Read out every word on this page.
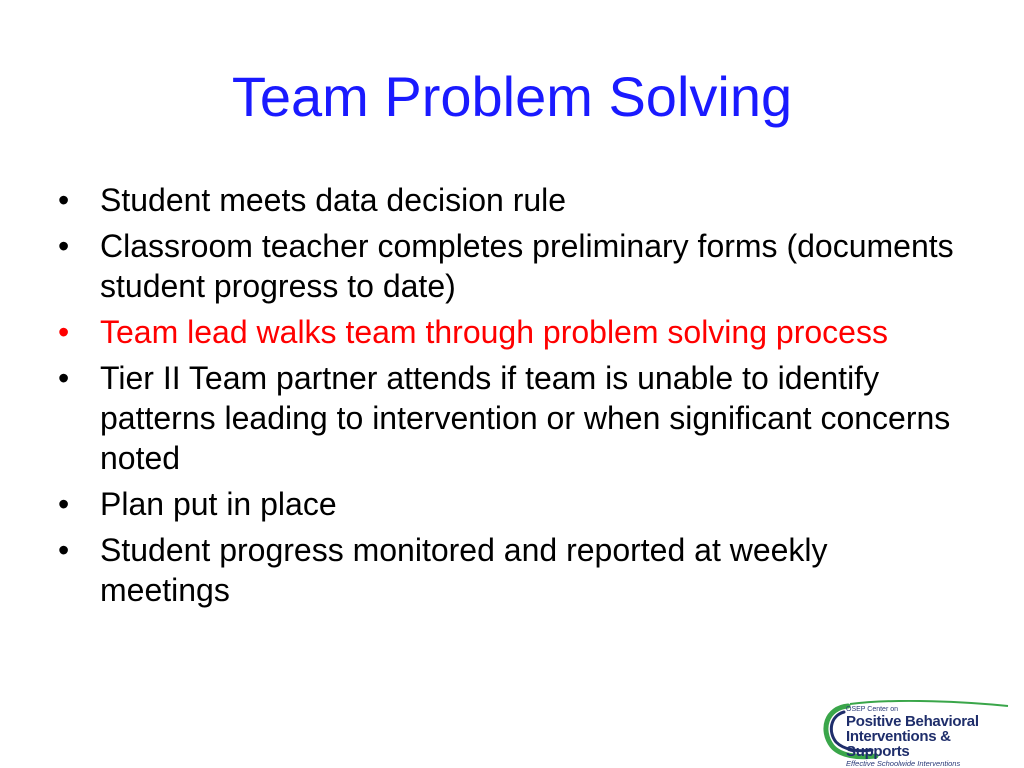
Team Problem Solving
• Student meets data decision rule
• Classroom teacher completes preliminary forms (documents student progress to date)
• Team lead walks team through problem solving process
• Tier II Team partner attends if team is unable to identify patterns leading to intervention or when significant concerns noted
• Plan put in place
• Student progress monitored and reported at weekly meetings
OSEP Center on
Positive Behavioral
Interventions & Supports
Effective Schoolwide Interventions
